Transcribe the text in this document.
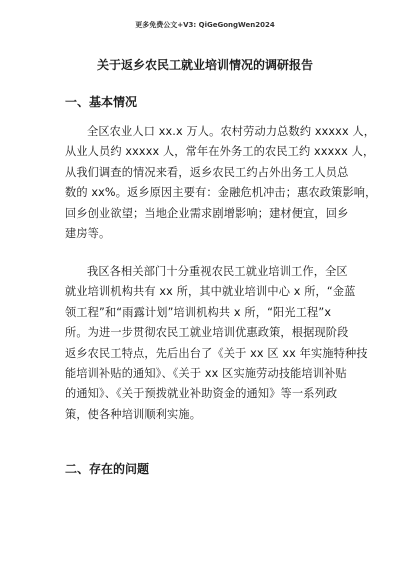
更多免费公文+V3: QiGeGongWen2024
关于返乡农民工就业培训情况的调研报告
一、基本情况
全区农业人口 xx.x 万人。农村劳动力总数约 xxxxx 人，
从业人员约 xxxxx 人，常年在外务工的农民工约 xxxxx 人，
从我们调查的情况来看，返乡农民工约占外出务工人员总
数的 xx%。返乡原因主要有：金融危机冲击；惠农政策影响，
回乡创业欲望；当地企业需求剧增影响；建材便宜，回乡
建房等。
我区各相关部门十分重视农民工就业培训工作，全区
就业培训机构共有 xx 所，其中就业培训中心 x 所，“金蓝
领工程”和“雨露计划”培训机构共 x 所，“阳光工程”x
所。为进一步贯彻农民工就业培训优惠政策，根据现阶段
返乡农民工特点，先后出台了《关于 xx 区 xx 年实施特种技
能培训补贴的通知》、《关于 xx 区实施劳动技能培训补贴
的通知》、《关于预拨就业补助资金的通知》等一系列政
策，使各种培训顺利实施。
二、存在的问题
